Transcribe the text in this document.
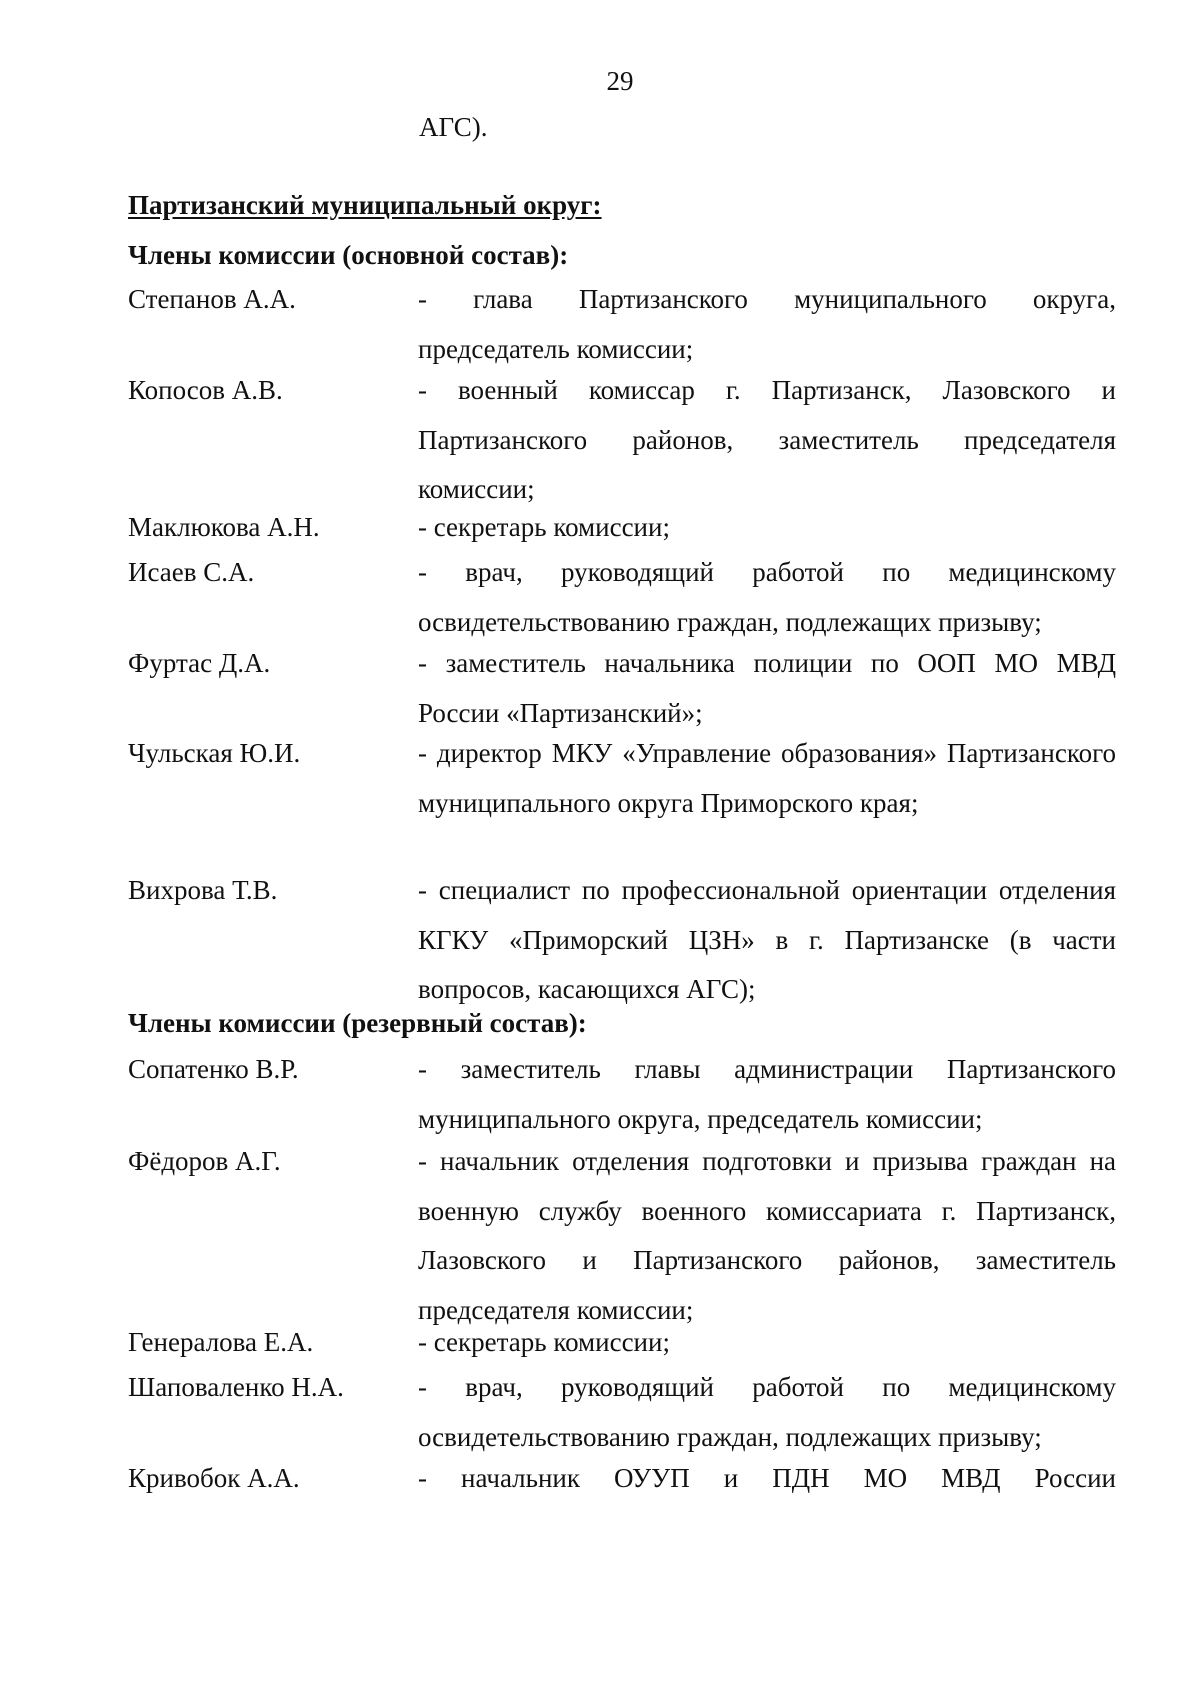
29
АГС).
Партизанский муниципальный округ:
Члены комиссии (основной состав):
Степанов А.А.	- глава Партизанского муниципального округа, председатель комиссии;
Копосов А.В.	- военный комиссар г. Партизанск, Лазовского и Партизанского районов, заместитель председателя комиссии;
Маклюкова А.Н.	- секретарь комиссии;
Исаев С.А.	- врач, руководящий работой по медицинскому освидетельствованию граждан, подлежащих призыву;
Фуртас Д.А.	- заместитель начальника полиции по ООП МО МВД России «Партизанский»;
Чульская Ю.И.	- директор МКУ «Управление образования» Партизанского муниципального округа Приморского края;
Вихрова Т.В.	- специалист по профессиональной ориентации отделения КГКУ «Приморский ЦЗН» в г. Партизанске (в части вопросов, касающихся АГС);
Члены комиссии (резервный состав):
Сопатенко В.Р.	- заместитель главы администрации Партизанского муниципального округа, председатель комиссии;
Фёдоров А.Г.	- начальник отделения подготовки и призыва граждан на военную службу военного комиссариата г. Партизанск, Лазовского и Партизанского районов, заместитель председателя комиссии;
Генералова Е.А.	- секретарь комиссии;
Шаповаленко Н.А.	- врач, руководящий работой по медицинскому освидетельствованию граждан, подлежащих призыву;
Кривобок А.А.	- начальник ОУУП и ПДН МО МВД России
